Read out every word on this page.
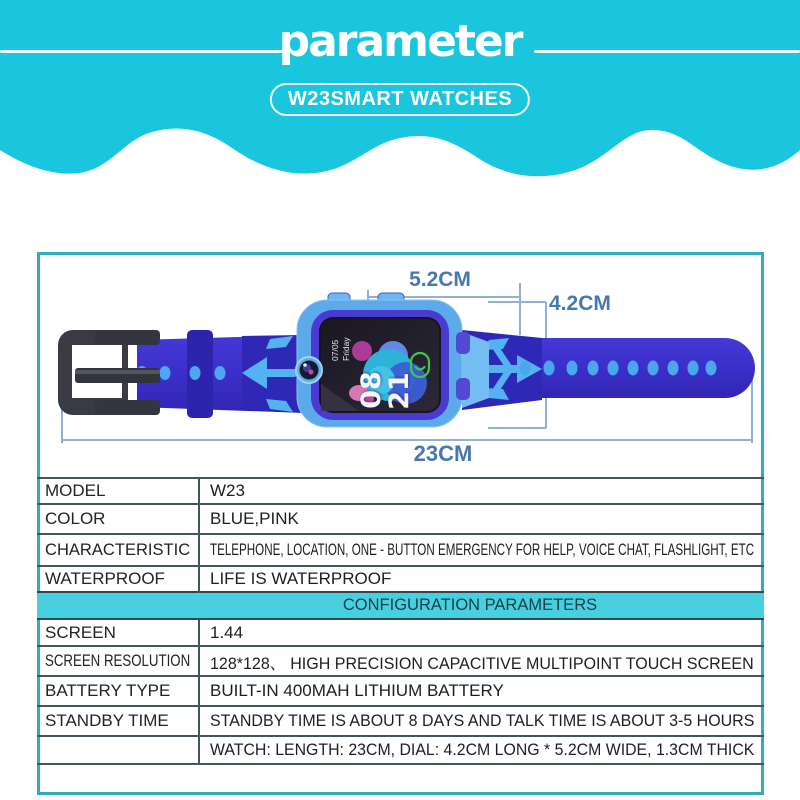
parameter
W23SMART WATCHES
5.2CM
4.2CM
23CM
07/05 Friday
08
21
MODEL	W23
COLOR	BLUE,PINK
CHARACTERISTIC	TELEPHONE, LOCATION, ONE - BUTTON EMERGENCY FOR HELP, VOICE CHAT, FLASHLIGHT, ETC
WATERPROOF	LIFE IS WATERPROOF
CONFIGURATION PARAMETERS	
SCREEN	1.44
SCREEN RESOLUTION	128*128、 HIGH PRECISION CAPACITIVE MULTIPOINT TOUCH SCREEN
BATTERY TYPE	BUILT-IN 400MAH LITHIUM BATTERY
STANDBY TIME	STANDBY TIME IS ABOUT 8 DAYS AND TALK TIME IS ABOUT 3-5 HOURS
	WATCH: LENGTH: 23CM, DIAL: 4.2CM LONG * 5.2CM WIDE, 1.3CM THICK
